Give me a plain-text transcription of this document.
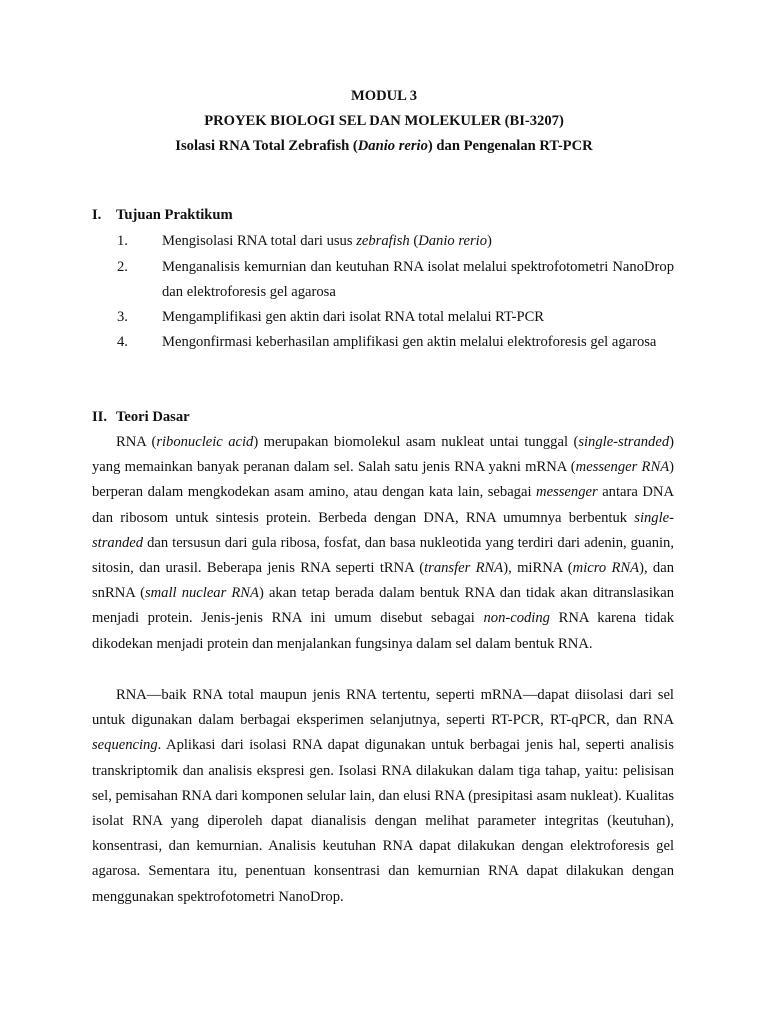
MODUL 3
PROYEK BIOLOGI SEL DAN MOLEKULER (BI-3207)
Isolasi RNA Total Zebrafish (Danio rerio) dan Pengenalan RT-PCR
I. Tujuan Praktikum
1. Mengisolasi RNA total dari usus zebrafish (Danio rerio)
2. Menganalisis kemurnian dan keutuhan RNA isolat melalui spektrofotometri NanoDrop dan elektroforesis gel agarosa
3. Mengamplifikasi gen aktin dari isolat RNA total melalui RT-PCR
4. Mengonfirmasi keberhasilan amplifikasi gen aktin melalui elektroforesis gel agarosa
II. Teori Dasar

RNA (ribonucleic acid) merupakan biomolekul asam nukleat untai tunggal (single-stranded) yang memainkan banyak peranan dalam sel. Salah satu jenis RNA yakni mRNA (messenger RNA) berperan dalam mengkodekan asam amino, atau dengan kata lain, sebagai messenger antara DNA dan ribosom untuk sintesis protein. Berbeda dengan DNA, RNA umumnya berbentuk single-stranded dan tersusun dari gula ribosa, fosfat, dan basa nukleotida yang terdiri dari adenin, guanin, sitosin, dan urasil. Beberapa jenis RNA seperti tRNA (transfer RNA), miRNA (micro RNA), dan snRNA (small nuclear RNA) akan tetap berada dalam bentuk RNA dan tidak akan ditranslasikan menjadi protein. Jenis-jenis RNA ini umum disebut sebagai non-coding RNA karena tidak dikodekan menjadi protein dan menjalankan fungsinya dalam sel dalam bentuk RNA.

RNA—baik RNA total maupun jenis RNA tertentu, seperti mRNA—dapat diisolasi dari sel untuk digunakan dalam berbagai eksperimen selanjutnya, seperti RT-PCR, RT-qPCR, dan RNA sequencing. Aplikasi dari isolasi RNA dapat digunakan untuk berbagai jenis hal, seperti analisis transkriptomik dan analisis ekspresi gen. Isolasi RNA dilakukan dalam tiga tahap, yaitu: pelisisan sel, pemisahan RNA dari komponen selular lain, dan elusi RNA (presipitasi asam nukleat). Kualitas isolat RNA yang diperoleh dapat dianalisis dengan melihat parameter integritas (keutuhan), konsentrasi, dan kemurnian. Analisis keutuhan RNA dapat dilakukan dengan elektroforesis gel agarosa. Sementara itu, penentuan konsentrasi dan kemurnian RNA dapat dilakukan dengan menggunakan spektrofotometri NanoDrop.
